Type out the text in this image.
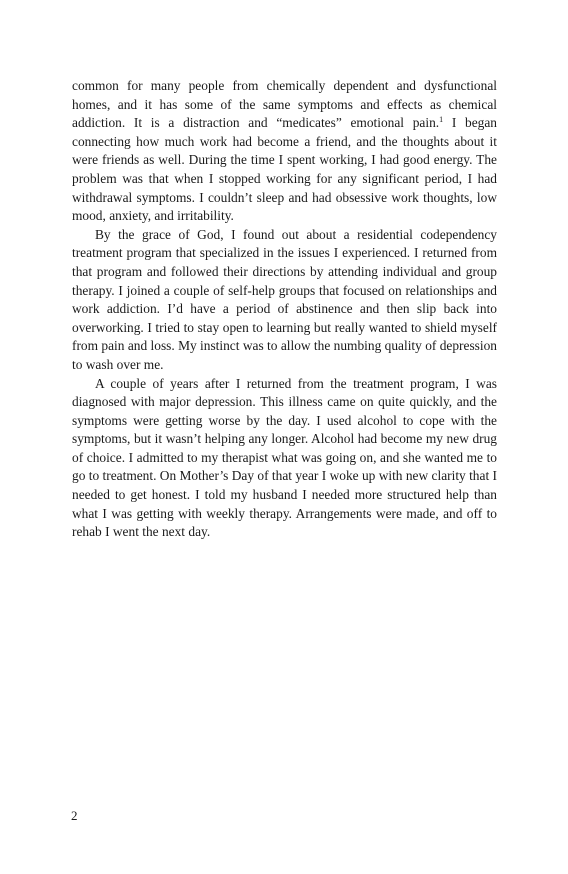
common for many people from chemically dependent and dysfunctional homes, and it has some of the same symptoms and effects as chemical addiction. It is a distraction and “medicates” emotional pain.$^1$ I began connecting how much work had become a friend, and the thoughts about it were friends as well. During the time I spent working, I had good energy. The problem was that when I stopped working for any significant period, I had withdrawal symptoms. I couldn’t sleep and had obsessive work thoughts, low mood, anxiety, and irritability.

By the grace of God, I found out about a residential codependency treatment program that specialized in the issues I experienced. I returned from that program and followed their directions by attending individual and group therapy. I joined a couple of self-help groups that focused on relationships and work addiction. I’d have a period of abstinence and then slip back into overworking. I tried to stay open to learning but really wanted to shield myself from pain and loss. My instinct was to allow the numbing quality of depression to wash over me.

A couple of years after I returned from the treatment program, I was diagnosed with major depression. This illness came on quite quickly, and the symptoms were getting worse by the day. I used alcohol to cope with the symptoms, but it wasn’t helping any longer. Alcohol had become my new drug of choice. I admitted to my therapist what was going on, and she wanted me to go to treatment. On Mother’s Day of that year I woke up with new clarity that I needed to get honest. I told my husband I needed more structured help than what I was getting with weekly therapy. Arrangements were made, and off to rehab I went the next day.

2
